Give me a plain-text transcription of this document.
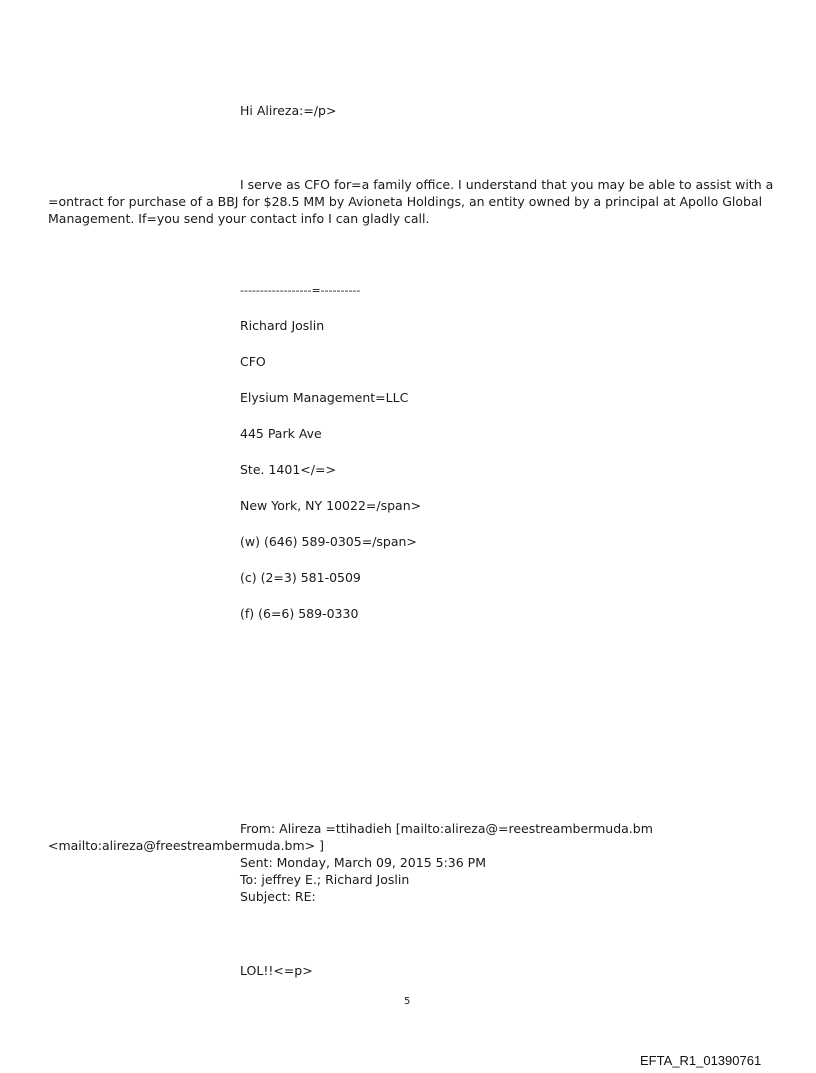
Hi Alireza:=/p>
I serve as CFO for=a family office. I understand that you may be able to assist with a
=ontract for purchase of a BBJ for $28.5 MM by Avioneta Holdings, an entity owned by a principal at Apollo Global
Management. If=you send your contact info I can gladly call.
------------------=----------
Richard Joslin
CFO
Elysium Management=LLC
445 Park Ave
Ste. 1401</=>
New York, NY 10022=/span>
(w) (646) 589-0305=/span>
(c) (2=3) 581-0509
(f) (6=6) 589-0330
From: Alireza =ttihadieh [mailto:alireza@=reestreambermuda.bm
<mailto:alireza@freestreambermuda.bm> ]
Sent: Monday, March 09, 2015 5:36 PM
To: jeffrey E.; Richard Joslin
Subject: RE:
LOL!!<=p>
5
EFTA_R1_01390761
